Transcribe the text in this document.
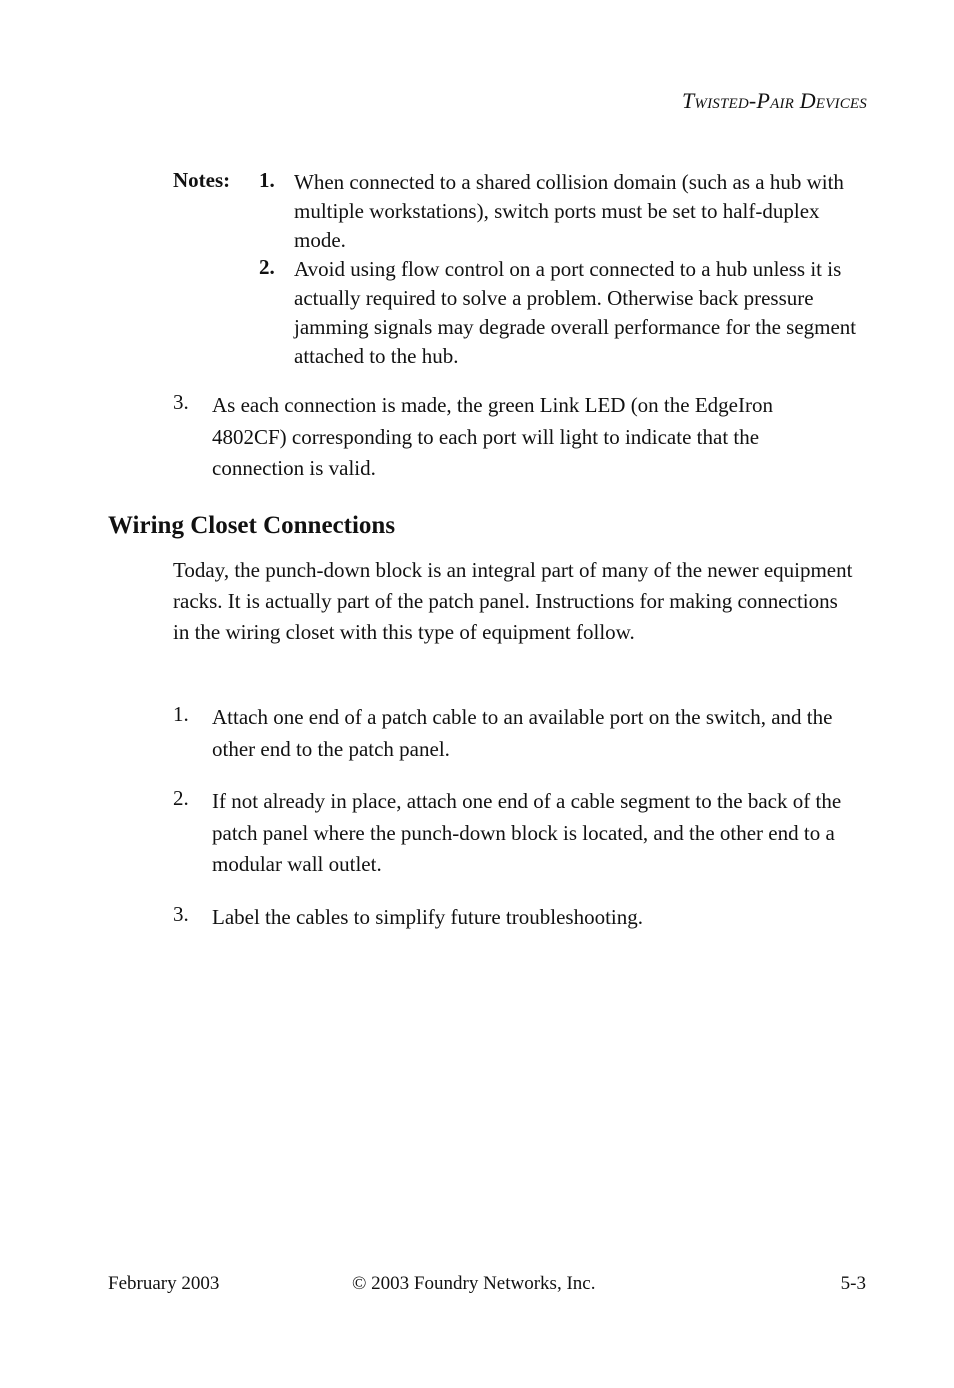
Twisted-Pair Devices
Notes: 1. When connected to a shared collision domain (such as a hub with multiple workstations), switch ports must be set to half-duplex mode.
2. Avoid using flow control on a port connected to a hub unless it is actually required to solve a problem. Otherwise back pressure jamming signals may degrade overall performance for the segment attached to the hub.
3. As each connection is made, the green Link LED (on the EdgeIron 4802CF) corresponding to each port will light to indicate that the connection is valid.
Wiring Closet Connections
Today, the punch-down block is an integral part of many of the newer equipment racks. It is actually part of the patch panel. Instructions for making connections in the wiring closet with this type of equipment follow.
1. Attach one end of a patch cable to an available port on the switch, and the other end to the patch panel.
2. If not already in place, attach one end of a cable segment to the back of the patch panel where the punch-down block is located, and the other end to a modular wall outlet.
3. Label the cables to simplify future troubleshooting.
February 2003	© 2003 Foundry Networks, Inc.	5-3
